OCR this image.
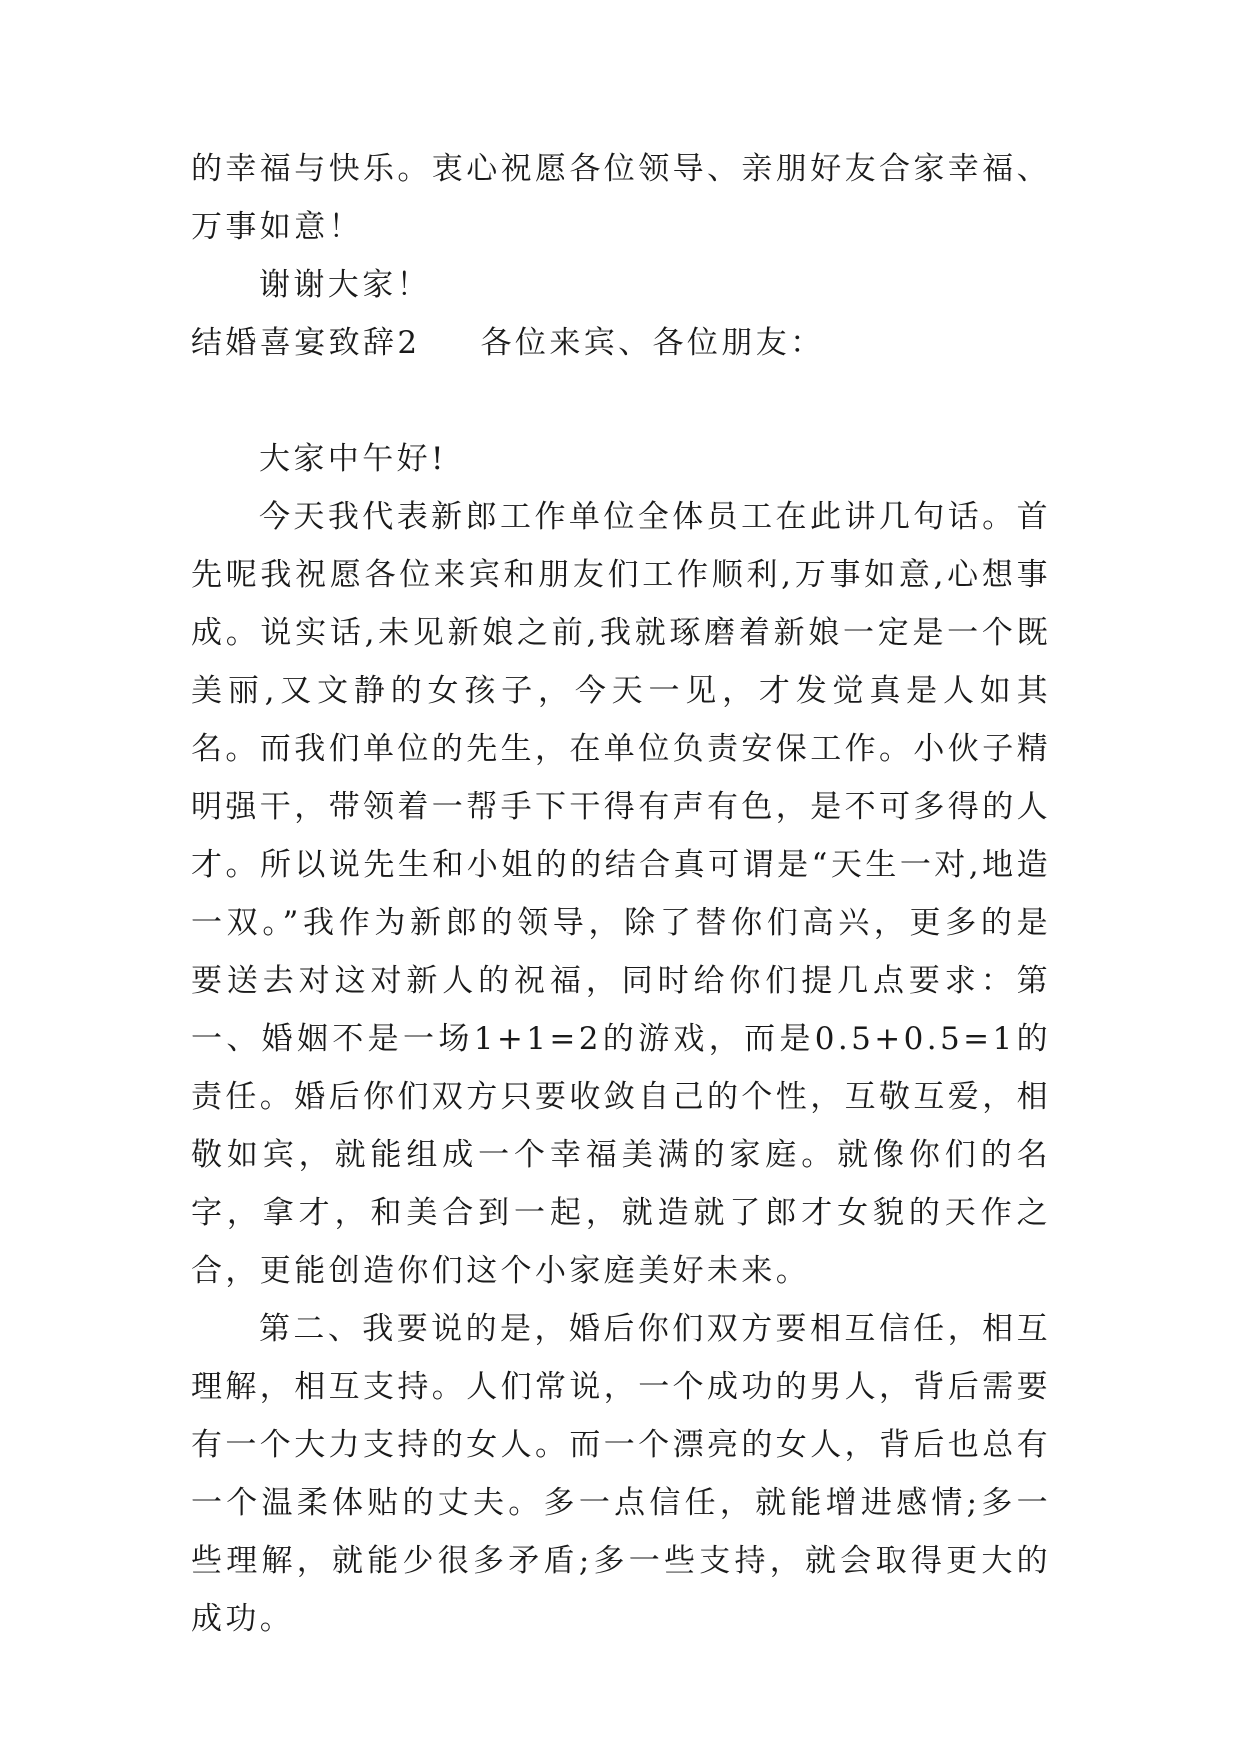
的幸福与快乐。衷心祝愿各位领导、亲朋好友合家幸福、万事如意！

谢谢大家！

结婚喜宴致辞2 各位来宾、各位朋友：

大家中午好!

今天我代表新郎工作单位全体员工在此讲几句话。首先呢我祝愿各位来宾和朋友们工作顺利,万事如意,心想事成。说实话,未见新娘之前,我就琢磨着新娘一定是一个既美丽,又文静的女孩子，今天一见，才发觉真是人如其名。而我们单位的先生，在单位负责安保工作。小伙子精明强干，带领着一帮手下干得有声有色，是不可多得的人才。所以说先生和小姐的的结合真可谓是“天生一对,地造一双。”我作为新郎的领导，除了替你们高兴，更多的是要送去对这对新人的祝福，同时给你们提几点要求：第一、婚姻不是一场1+1=2的游戏，而是0.5+0.5=1的责任。婚后你们双方只要收敛自己的个性，互敬互爱，相敬如宾，就能组成一个幸福美满的家庭。就像你们的名字，拿才，和美合到一起，就造就了郎才女貌的天作之合，更能创造你们这个小家庭美好未来。

第二、我要说的是，婚后你们双方要相互信任，相互理解，相互支持。人们常说，一个成功的男人，背后需要有一个大力支持的女人。而一个漂亮的女人，背后也总有一个温柔体贴的丈夫。多一点信任，就能增进感情;多一些理解，就能少很多矛盾;多一些支持，就会取得更大的成功。
